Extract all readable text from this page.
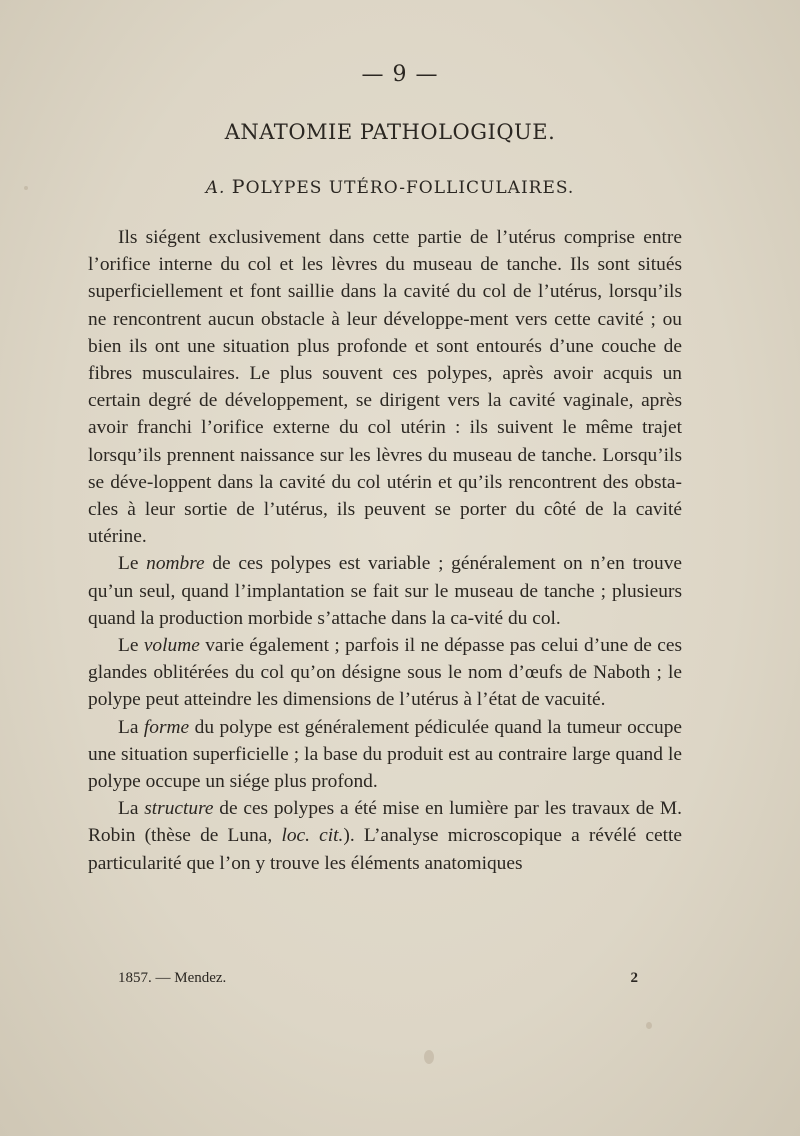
— 9 —
ANATOMIE PATHOLOGIQUE.
A. POLYPES UTÉRO-FOLLICULAIRES.

Ils siégent exclusivement dans cette partie de l’utérus comprise entre l’orifice interne du col et les lèvres du museau de tanche. Ils sont situés superficiellement et font saillie dans la cavité du col de l’utérus, lorsqu’ils ne rencontrent aucun obstacle à leur développe-ment vers cette cavité ; ou bien ils ont une situation plus profonde et sont entourés d’une couche de fibres musculaires. Le plus souvent ces polypes, après avoir acquis un certain degré de développement, se dirigent vers la cavité vaginale, après avoir franchi l’orifice externe du col utérin : ils suivent le même trajet lorsqu’ils prennent naissance sur les lèvres du museau de tanche. Lorsqu’ils se déve-loppent dans la cavité du col utérin et qu’ils rencontrent des obsta-cles à leur sortie de l’utérus, ils peuvent se porter du côté de la cavité utérine.

Le nombre de ces polypes est variable ; généralement on n’en trouve qu’un seul, quand l’implantation se fait sur le museau de tanche ; plusieurs quand la production morbide s’attache dans la ca-vité du col.

Le volume varie également ; parfois il ne dépasse pas celui d’une de ces glandes oblitérées du col qu’on désigne sous le nom d’œufs de Naboth ; le polype peut atteindre les dimensions de l’utérus à l’état de vacuité.

La forme du polype est généralement pédiculée quand la tumeur occupe une situation superficielle ; la base du produit est au contraire large quand le polype occupe un siége plus profond.

La structure de ces polypes a été mise en lumière par les travaux de M. Robin (thèse de Luna, loc. cit.). L’analyse microscopique a révélé cette particularité que l’on y trouve les éléments anatomiques

1857. — Mendez.	2
